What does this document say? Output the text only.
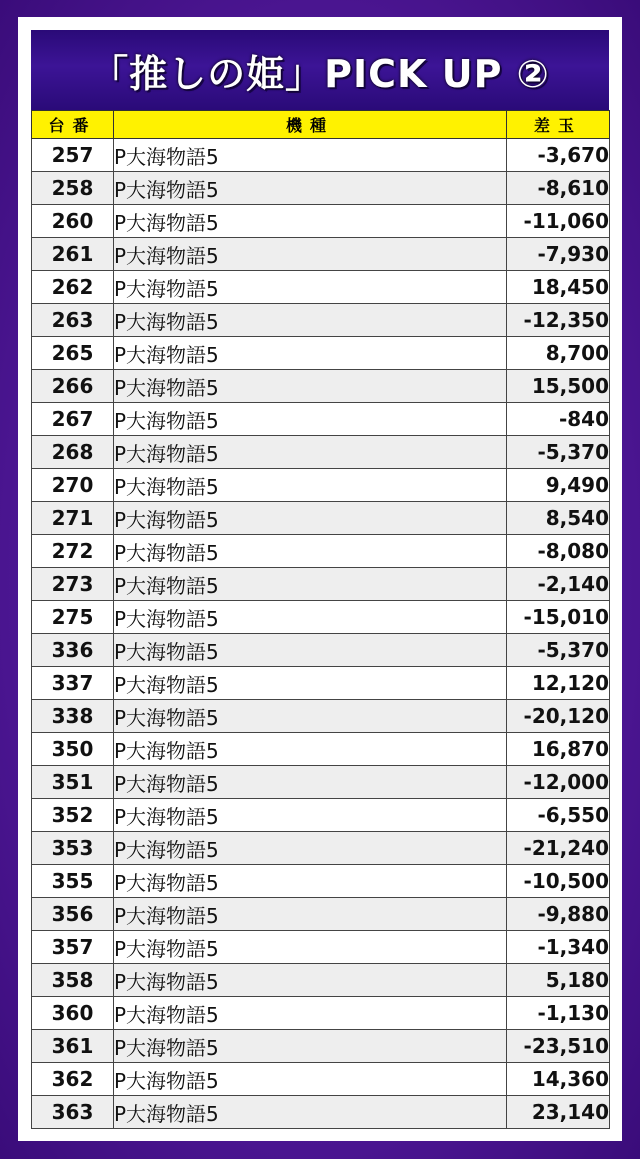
「推しの姫」PICK UP ②
台番	機種	差玉
257	P大海物語5	-3,670
258	P大海物語5	-8,610
260	P大海物語5	-11,060
261	P大海物語5	-7,930
262	P大海物語5	18,450
263	P大海物語5	-12,350
265	P大海物語5	8,700
266	P大海物語5	15,500
267	P大海物語5	-840
268	P大海物語5	-5,370
270	P大海物語5	9,490
271	P大海物語5	8,540
272	P大海物語5	-8,080
273	P大海物語5	-2,140
275	P大海物語5	-15,010
336	P大海物語5	-5,370
337	P大海物語5	12,120
338	P大海物語5	-20,120
350	P大海物語5	16,870
351	P大海物語5	-12,000
352	P大海物語5	-6,550
353	P大海物語5	-21,240
355	P大海物語5	-10,500
356	P大海物語5	-9,880
357	P大海物語5	-1,340
358	P大海物語5	5,180
360	P大海物語5	-1,130
361	P大海物語5	-23,510
362	P大海物語5	14,360
363	P大海物語5	23,140
